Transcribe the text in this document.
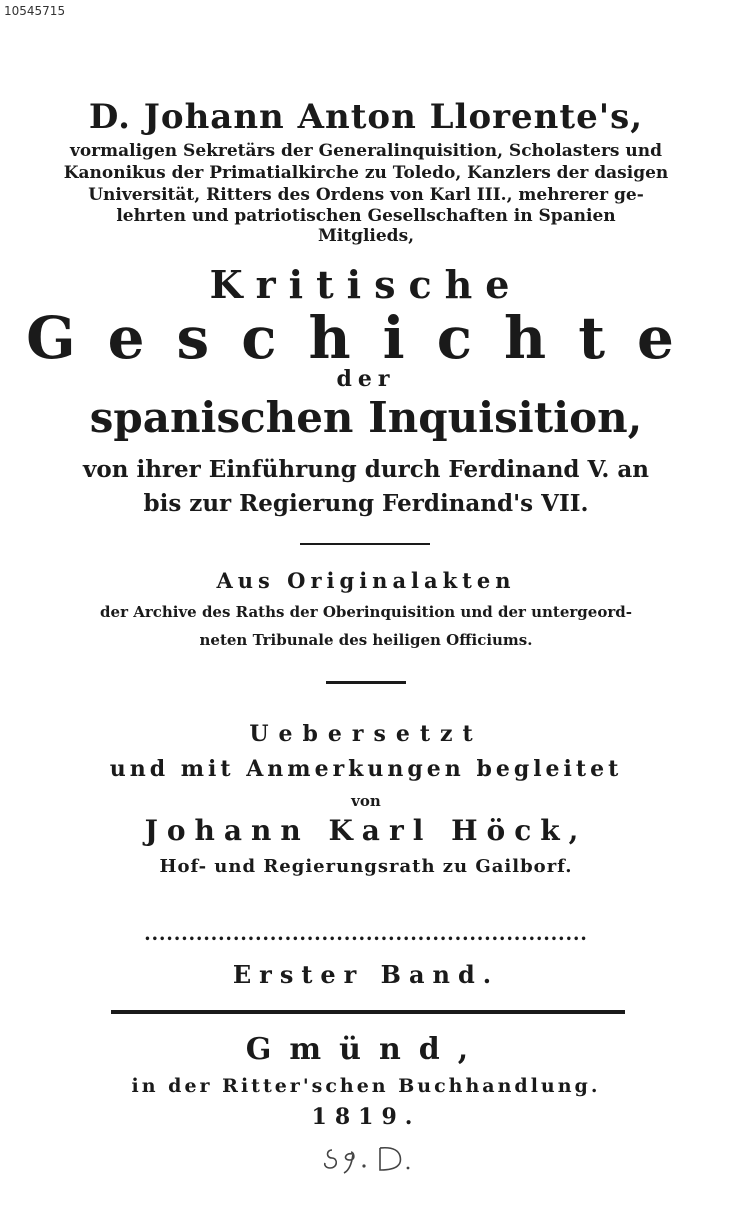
10545715
D. Johann Anton Llorente's,
vormaligen Sekretärs der Generalinquisition, Scholasters und
Kanonikus der Primatialkirche zu Toledo, Kanzlers der dasigen
Universität, Ritters des Ordens von Karl III., mehrerer ge-
lehrten und patriotischen Gesellschaften in Spanien
Mitglieds,
Kritische
Geschichte
der
spanischen Inquisition,
von ihrer Einführung durch Ferdinand V. an
bis zur Regierung Ferdinand's VII.
Aus Originalakten
der Archive des Raths der Oberinquisition und der untergeord-
neten Tribunale des heiligen Officiums.
Uebersetzt
und mit Anmerkungen begleitet
von
Johann Karl Höck,
Hof- und Regierungsrath zu Gailborf.
••••••••••••••••••••••••••••••••••••••••••••••••••••••••••••
Erster Band.
Gmünd,
in der Ritter'schen Buchhandlung.
1819.
